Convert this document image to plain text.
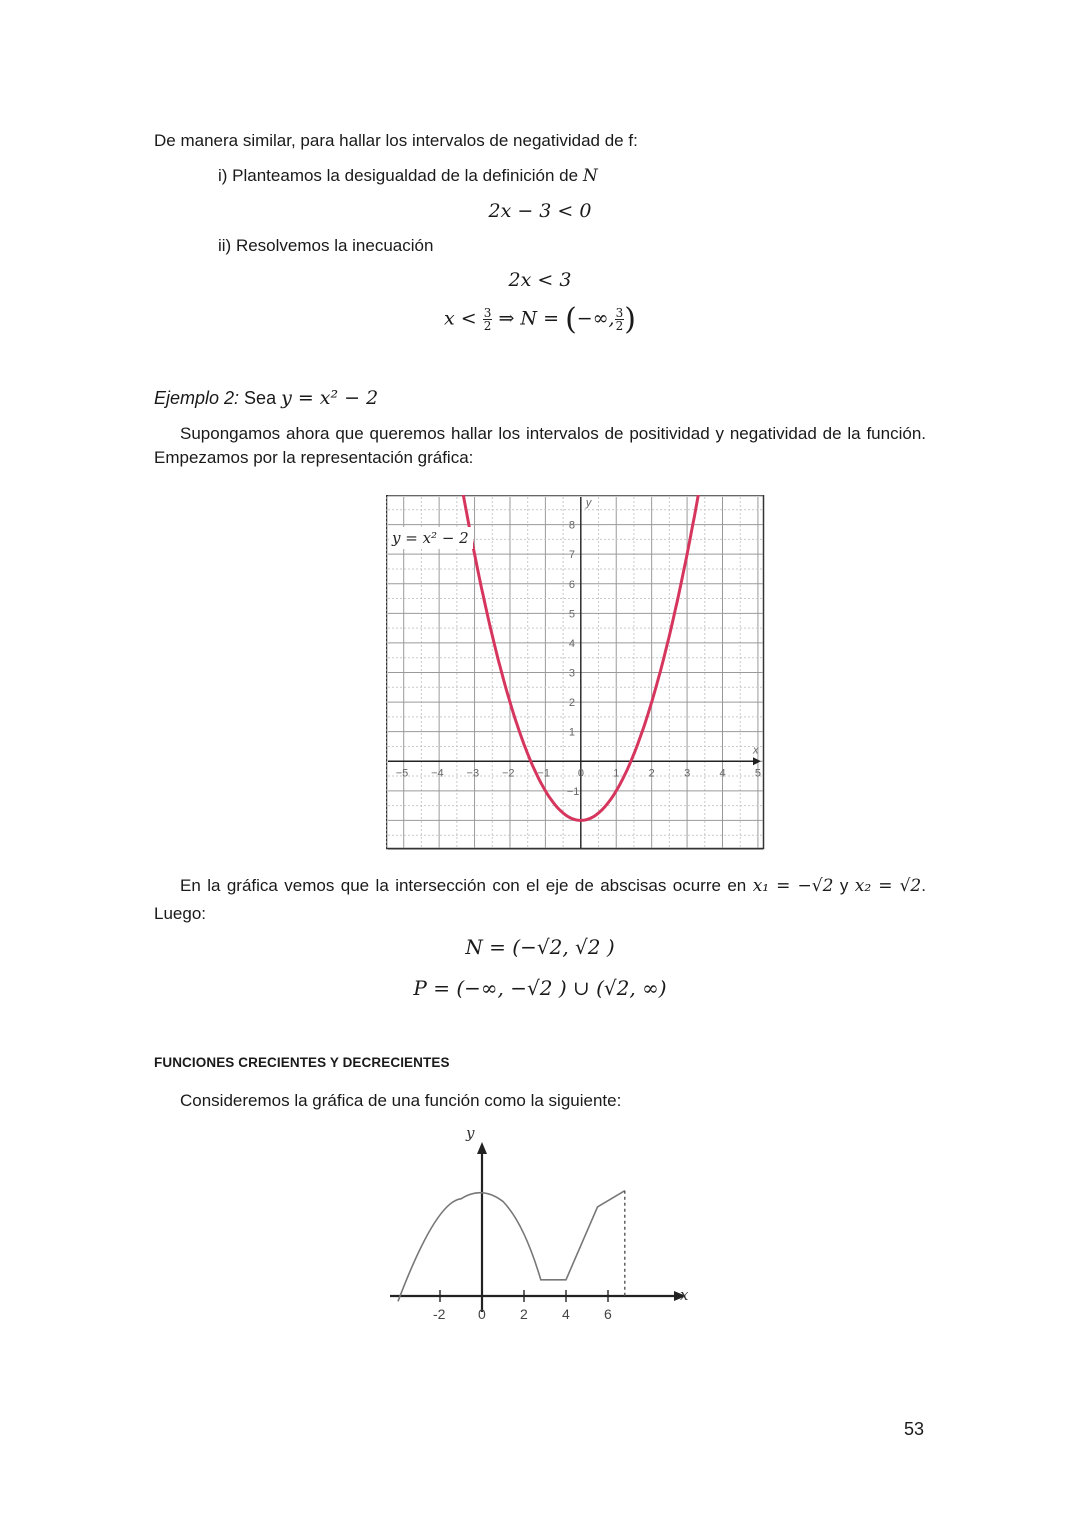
De manera similar, para hallar los intervalos de negatividad de f:
i) Planteamos la desigualdad de la definición de N
2x − 3 < 0
ii) Resolvemos la inecuación
2x < 3
$x < \frac{3}{2}$ ⇒ N = (−∞, $\frac{3}{2}$ )
Ejemplo 2: Sea y = x² − 2
Supongamos ahora que queremos hallar los intervalos de positividad y negatividad de la función. Empezamos por la representación gráfica:
−5 −4 −3 −2 −1	0	1	2	3	4	5
8
7
6
5
4
3
2
1
−1
y = x² − 2
x
y
En la gráfica vemos que la intersección con el eje de abscisas ocurre en x₁ = −√2 y x₂ = √2. Luego:
N = (−√2, √2 )
P = (−∞, −√2 ) ∪ (√2, ∞)
FUNCIONES CRECIENTES Y DECRECIENTES
Consideremos la gráfica de una función como la siguiente:
-2 0 2 4 6
y
x
53
